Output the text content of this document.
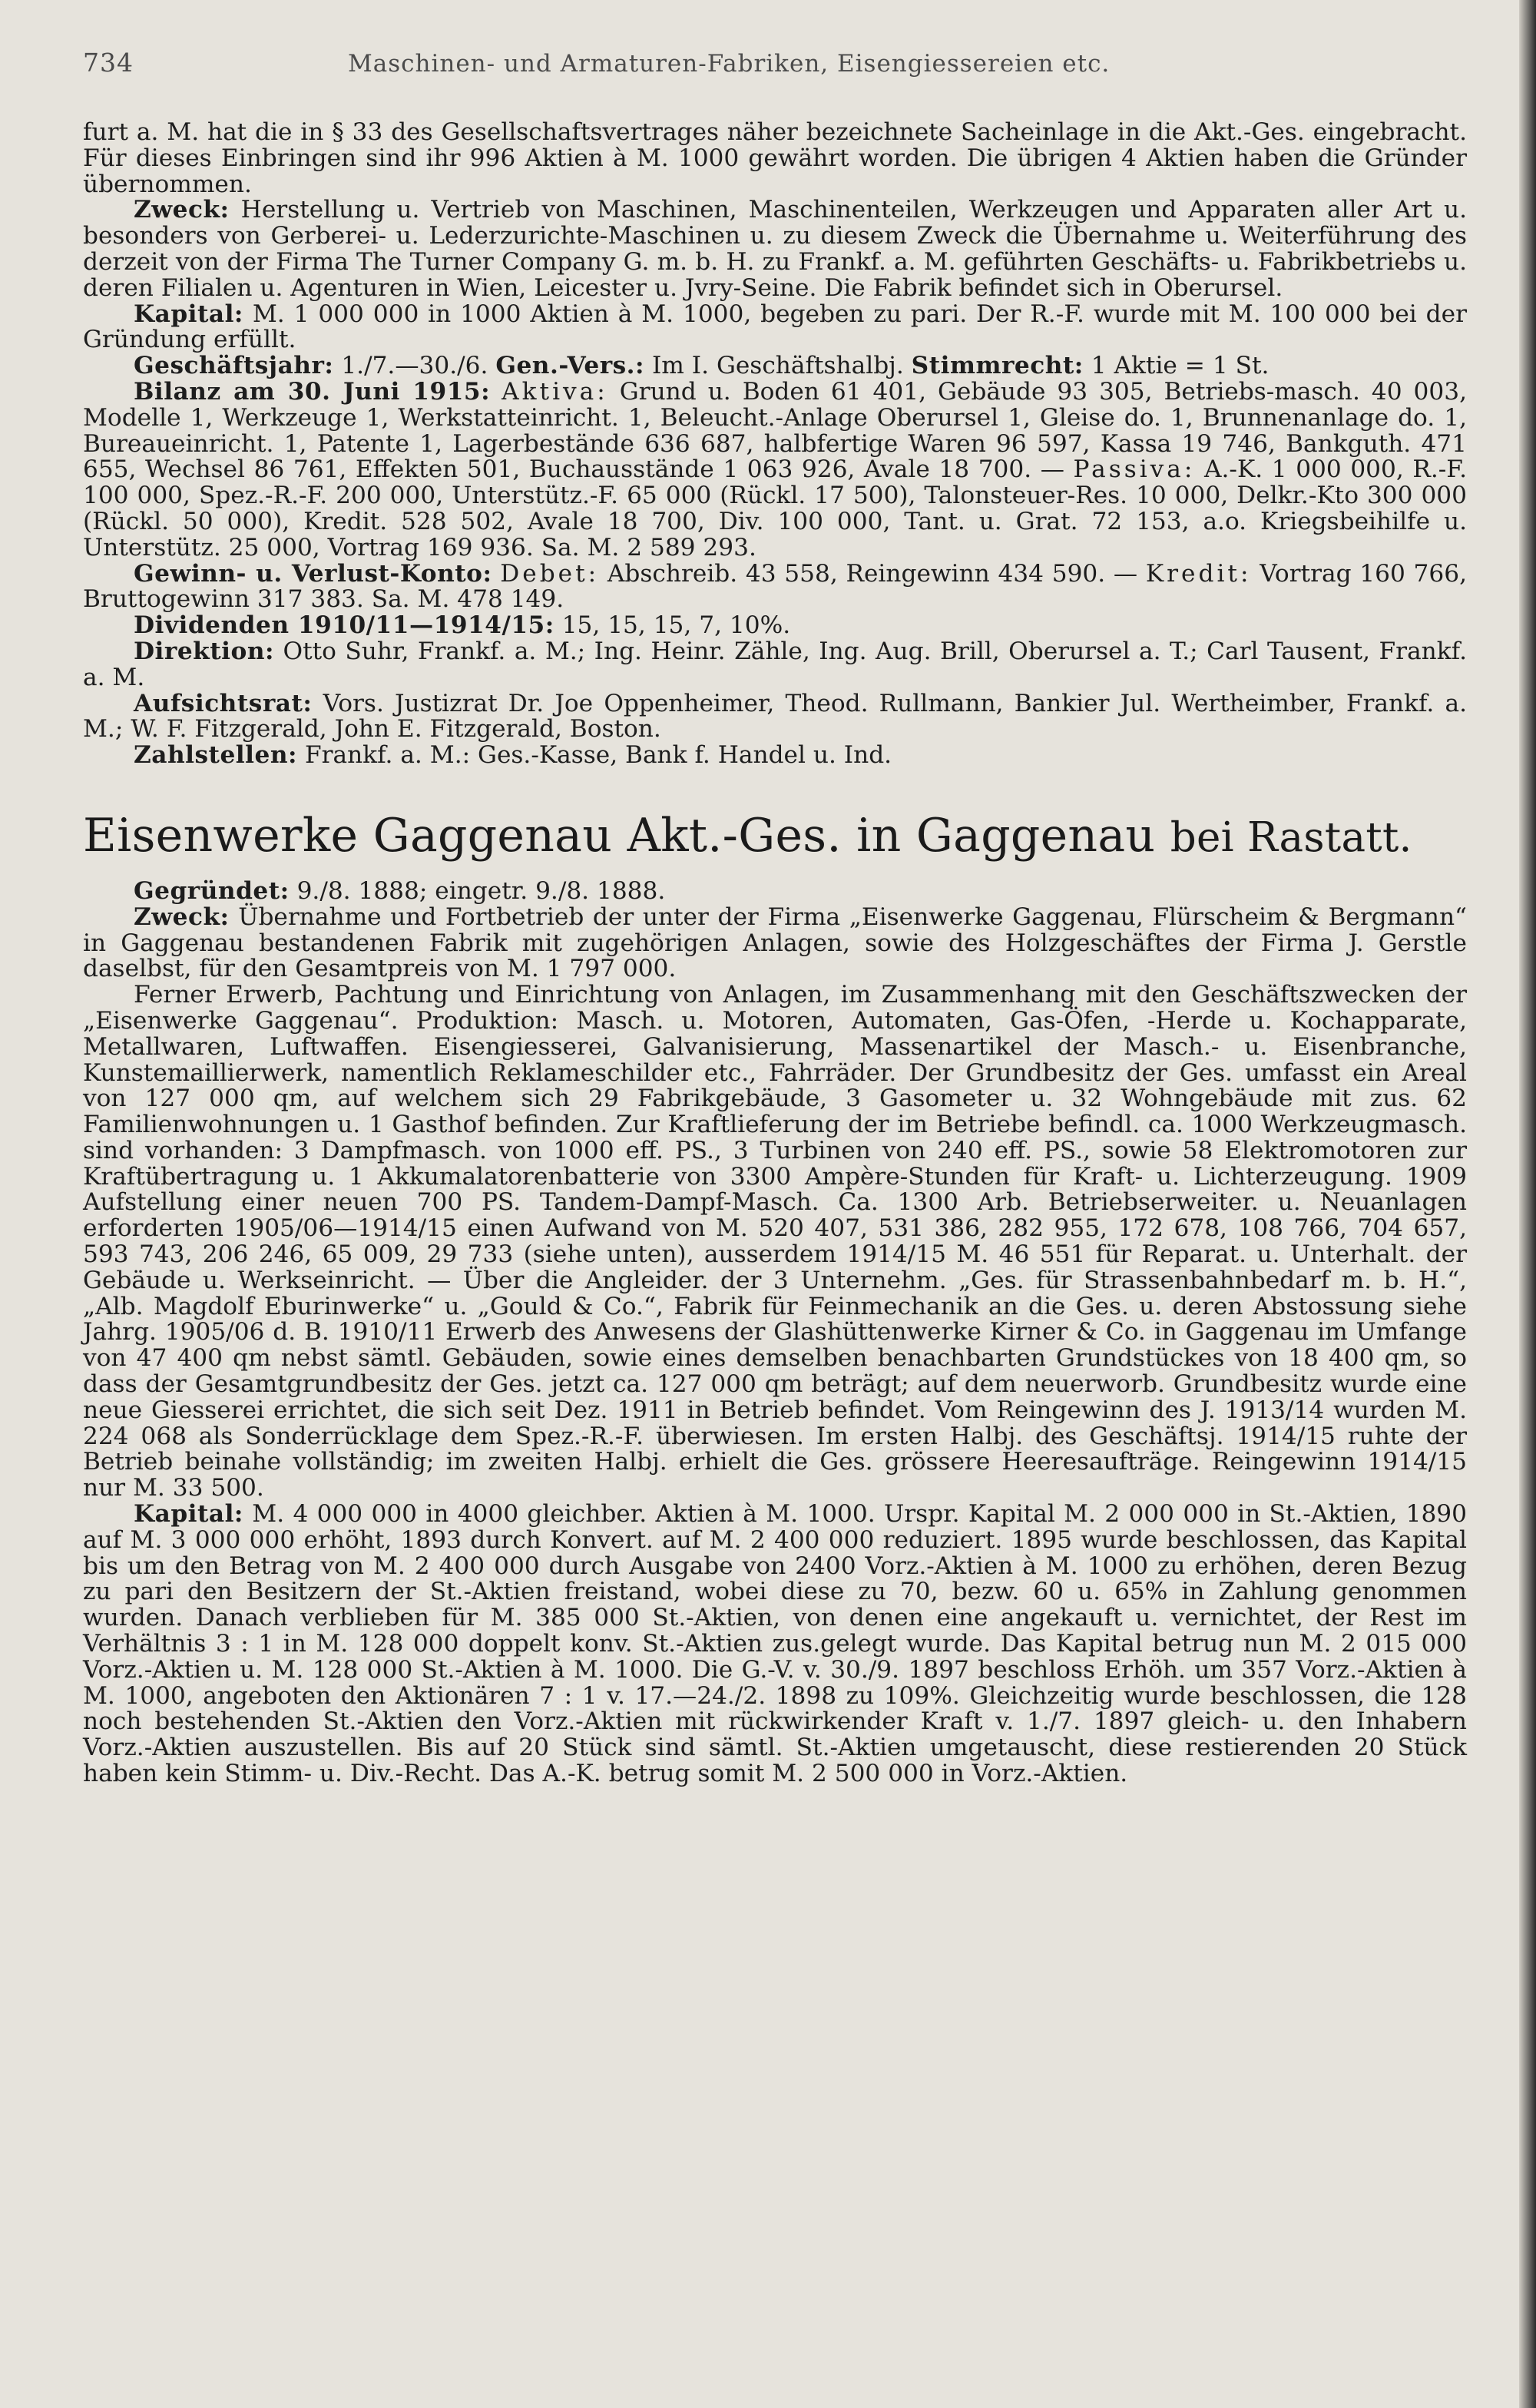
734	Maschinen- und Armaturen-Fabriken, Eisengiessereien etc.

furt a. M. hat die in § 33 des Gesellschaftsvertrages näher bezeichnete Sacheinlage in die Akt.-Ges. eingebracht. Für dieses Einbringen sind ihr 996 Aktien à M. 1000 gewährt worden. Die übrigen 4 Aktien haben die Gründer übernommen.

Zweck: Herstellung u. Vertrieb von Maschinen, Maschinenteilen, Werkzeugen und Apparaten aller Art u. besonders von Gerberei- u. Lederzurichte-Maschinen u. zu diesem Zweck die Übernahme u. Weiterführung des derzeit von der Firma The Turner Company G. m. b. H. zu Frankf. a. M. geführten Geschäfts- u. Fabrikbetriebs u. deren Filialen u. Agenturen in Wien, Leicester u. Jvry-Seine. Die Fabrik befindet sich in Oberursel.

Kapital: M. 1 000 000 in 1000 Aktien à M. 1000, begeben zu pari. Der R.-F. wurde mit M. 100 000 bei der Gründung erfüllt.

Geschäftsjahr: 1./7.—30./6. Gen.-Vers.: Im I. Geschäftshalbj. Stimmrecht: 1 Aktie = 1 St.

Bilanz am 30. Juni 1915: Aktiva: Grund u. Boden 61 401, Gebäude 93 305, Betriebs-masch. 40 003, Modelle 1, Werkzeuge 1, Werkstatteinricht. 1, Beleucht.-Anlage Oberursel 1, Gleise do. 1, Brunnenanlage do. 1, Bureaueinricht. 1, Patente 1, Lagerbestände 636 687, halbfertige Waren 96 597, Kassa 19 746, Bankguth. 471 655, Wechsel 86 761, Effekten 501, Buchausstände 1 063 926, Avale 18 700. — Passiva: A.-K. 1 000 000, R.-F. 100 000, Spez.-R.-F. 200 000, Unterstütz.-F. 65 000 (Rückl. 17 500), Talonsteuer-Res. 10 000, Delkr.-Kto 300 000 (Rückl. 50 000), Kredit. 528 502, Avale 18 700, Div. 100 000, Tant. u. Grat. 72 153, a.o. Kriegsbeihilfe u. Unterstütz. 25 000, Vortrag 169 936. Sa. M. 2 589 293.

Gewinn- u. Verlust-Konto: Debet: Abschreib. 43 558, Reingewinn 434 590. — Kredit: Vortrag 160 766, Bruttogewinn 317 383. Sa. M. 478 149.

Dividenden 1910/11—1914/15: 15, 15, 15, 7, 10%.

Direktion: Otto Suhr, Frankf. a. M.; Ing. Heinr. Zähle, Ing. Aug. Brill, Oberursel a. T.; Carl Tausent, Frankf. a. M.

Aufsichtsrat: Vors. Justizrat Dr. Joe Oppenheimer, Theod. Rullmann, Bankier Jul. Wertheimber, Frankf. a. M.; W. F. Fitzgerald, John E. Fitzgerald, Boston.

Zahlstellen: Frankf. a. M.: Ges.-Kasse, Bank f. Handel u. Ind.

Eisenwerke Gaggenau Akt.-Ges. in Gaggenau bei Rastatt.

Gegründet: 9./8. 1888; eingetr. 9./8. 1888.

Zweck: Übernahme und Fortbetrieb der unter der Firma „Eisenwerke Gaggenau, Flürscheim & Bergmann“ in Gaggenau bestandenen Fabrik mit zugehörigen Anlagen, sowie des Holzgeschäftes der Firma J. Gerstle daselbst, für den Gesamtpreis von M. 1 797 000.

Ferner Erwerb, Pachtung und Einrichtung von Anlagen, im Zusammenhang mit den Geschäftszwecken der „Eisenwerke Gaggenau“. Produktion: Masch. u. Motoren, Automaten, Gas-Öfen, -Herde u. Kochapparate, Metallwaren, Luftwaffen. Eisengiesserei, Galvanisierung, Massenartikel der Masch.- u. Eisenbranche, Kunstemaillierwerk, namentlich Reklameschilder etc., Fahrräder. Der Grundbesitz der Ges. umfasst ein Areal von 127 000 qm, auf welchem sich 29 Fabrikgebäude, 3 Gasometer u. 32 Wohngebäude mit zus. 62 Familienwohnungen u. 1 Gasthof befinden. Zur Kraftlieferung der im Betriebe befindl. ca. 1000 Werkzeugmasch. sind vorhanden: 3 Dampfmasch. von 1000 eff. PS., 3 Turbinen von 240 eff. PS., sowie 58 Elektromotoren zur Kraftübertragung u. 1 Akkumalatorenbatterie von 3300 Ampère-Stunden für Kraft- u. Lichterzeugung. 1909 Aufstellung einer neuen 700 PS. Tandem-Dampf-Masch. Ca. 1300 Arb. Betriebserweiter. u. Neuanlagen erforderten 1905/06—1914/15 einen Aufwand von M. 520 407, 531 386, 282 955, 172 678, 108 766, 704 657, 593 743, 206 246, 65 009, 29 733 (siehe unten), ausserdem 1914/15 M. 46 551 für Reparat. u. Unterhalt. der Gebäude u. Werkseinricht. — Über die Angleider. der 3 Unternehm. „Ges. für Strassenbahnbedarf m. b. H.“, „Alb. Magdolf Eburinwerke“ u. „Gould & Co.“, Fabrik für Feinmechanik an die Ges. u. deren Abstossung siehe Jahrg. 1905/06 d. B. 1910/11 Erwerb des Anwesens der Glashüttenwerke Kirner & Co. in Gaggenau im Umfange von 47 400 qm nebst sämtl. Gebäuden, sowie eines demselben benachbarten Grundstückes von 18 400 qm, so dass der Gesamtgrundbesitz der Ges. jetzt ca. 127 000 qm beträgt; auf dem neuerworb. Grundbesitz wurde eine neue Giesserei errichtet, die sich seit Dez. 1911 in Betrieb befindet. Vom Reingewinn des J. 1913/14 wurden M. 224 068 als Sonderrücklage dem Spez.-R.-F. überwiesen. Im ersten Halbj. des Geschäftsj. 1914/15 ruhte der Betrieb beinahe vollständig; im zweiten Halbj. erhielt die Ges. grössere Heeresaufträge. Reingewinn 1914/15 nur M. 33 500.

Kapital: M. 4 000 000 in 4000 gleichber. Aktien à M. 1000. Urspr. Kapital M. 2 000 000 in St.-Aktien, 1890 auf M. 3 000 000 erhöht, 1893 durch Konvert. auf M. 2 400 000 reduziert. 1895 wurde beschlossen, das Kapital bis um den Betrag von M. 2 400 000 durch Ausgabe von 2400 Vorz.-Aktien à M. 1000 zu erhöhen, deren Bezug zu pari den Besitzern der St.-Aktien freistand, wobei diese zu 70, bezw. 60 u. 65% in Zahlung genommen wurden. Danach verblieben für M. 385 000 St.-Aktien, von denen eine angekauft u. vernichtet, der Rest im Verhältnis 3 : 1 in M. 128 000 doppelt konv. St.-Aktien zus.gelegt wurde. Das Kapital betrug nun M. 2 015 000 Vorz.-Aktien u. M. 128 000 St.-Aktien à M. 1000. Die G.-V. v. 30./9. 1897 beschloss Erhöh. um 357 Vorz.-Aktien à M. 1000, angeboten den Aktionären 7 : 1 v. 17.—24./2. 1898 zu 109%. Gleichzeitig wurde beschlossen, die 128 noch bestehenden St.-Aktien den Vorz.-Aktien mit rückwirkender Kraft v. 1./7. 1897 gleich- u. den Inhabern Vorz.-Aktien auszustellen. Bis auf 20 Stück sind sämtl. St.-Aktien umgetauscht, diese restierenden 20 Stück haben kein Stimm- u. Div.-Recht. Das A.-K. betrug somit M. 2 500 000 in Vorz.-Aktien.
